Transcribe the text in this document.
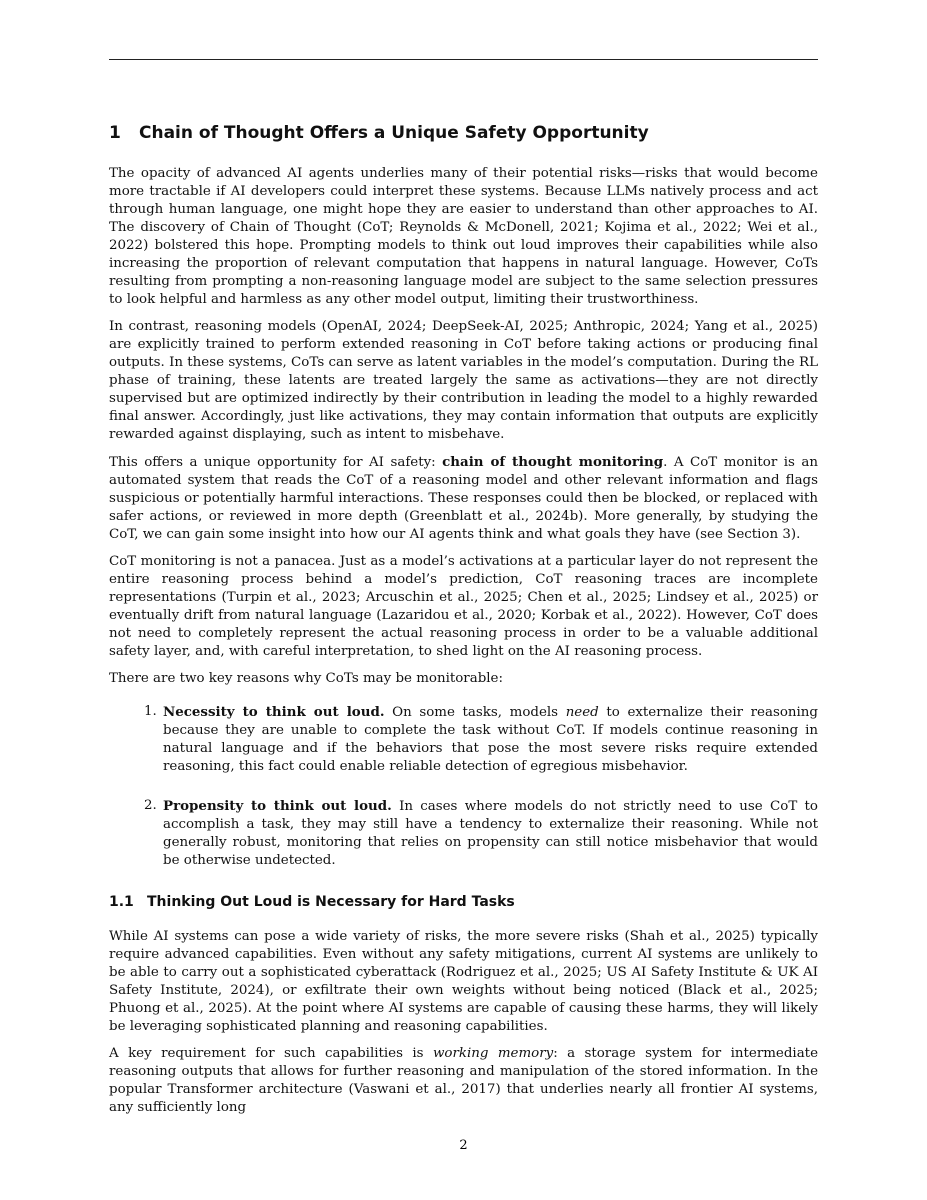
1 Chain of Thought Offers a Unique Safety Opportunity

The opacity of advanced AI agents underlies many of their potential risks—risks that would become more tractable if AI developers could interpret these systems. Because LLMs natively process and act through human language, one might hope they are easier to understand than other approaches to AI. The discovery of Chain of Thought (CoT; Reynolds & McDonell, 2021; Kojima et al., 2022; Wei et al., 2022) bolstered this hope. Prompting models to think out loud improves their capabilities while also increasing the proportion of relevant computation that happens in natural language. However, CoTs resulting from prompting a non-reasoning language model are subject to the same selection pressures to look helpful and harmless as any other model output, limiting their trustworthiness.

In contrast, reasoning models (OpenAI, 2024; DeepSeek-AI, 2025; Anthropic, 2024; Yang et al., 2025) are explicitly trained to perform extended reasoning in CoT before taking actions or producing final outputs. In these systems, CoTs can serve as latent variables in the model’s computation. During the RL phase of training, these latents are treated largely the same as activations—they are not directly supervised but are optimized indirectly by their contribution in leading the model to a highly rewarded final answer. Accordingly, just like activations, they may contain information that outputs are explicitly rewarded against displaying, such as intent to misbehave.

This offers a unique opportunity for AI safety: chain of thought monitoring. A CoT monitor is an automated system that reads the CoT of a reasoning model and other relevant information and flags suspicious or potentially harmful interactions. These responses could then be blocked, or replaced with safer actions, or reviewed in more depth (Greenblatt et al., 2024b). More generally, by studying the CoT, we can gain some insight into how our AI agents think and what goals they have (see Section 3).

CoT monitoring is not a panacea. Just as a model’s activations at a particular layer do not represent the entire reasoning process behind a model’s prediction, CoT reasoning traces are incomplete representations (Turpin et al., 2023; Arcuschin et al., 2025; Chen et al., 2025; Lindsey et al., 2025) or eventually drift from natural language (Lazaridou et al., 2020; Korbak et al., 2022). However, CoT does not need to completely represent the actual reasoning process in order to be a valuable additional safety layer, and, with careful interpretation, to shed light on the AI reasoning process.

There are two key reasons why CoTs may be monitorable:

1. Necessity to think out loud. On some tasks, models need to externalize their reasoning because they are unable to complete the task without CoT. If models continue reasoning in natural language and if the behaviors that pose the most severe risks require extended reasoning, this fact could enable reliable detection of egregious misbehavior.
2. Propensity to think out loud. In cases where models do not strictly need to use CoT to accomplish a task, they may still have a tendency to externalize their reasoning. While not generally robust, monitoring that relies on propensity can still notice misbehavior that would be otherwise undetected.
1.1 Thinking Out Loud is Necessary for Hard Tasks

While AI systems can pose a wide variety of risks, the more severe risks (Shah et al., 2025) typically require advanced capabilities. Even without any safety mitigations, current AI systems are unlikely to be able to carry out a sophisticated cyberattack (Rodriguez et al., 2025; US AI Safety Institute & UK AI Safety Institute, 2024), or exfiltrate their own weights without being noticed (Black et al., 2025; Phuong et al., 2025). At the point where AI systems are capable of causing these harms, they will likely be leveraging sophisticated planning and reasoning capabilities.

A key requirement for such capabilities is working memory: a storage system for intermediate reasoning outputs that allows for further reasoning and manipulation of the stored information. In the popular Transformer architecture (Vaswani et al., 2017) that underlies nearly all frontier AI systems, any sufficiently long

2
